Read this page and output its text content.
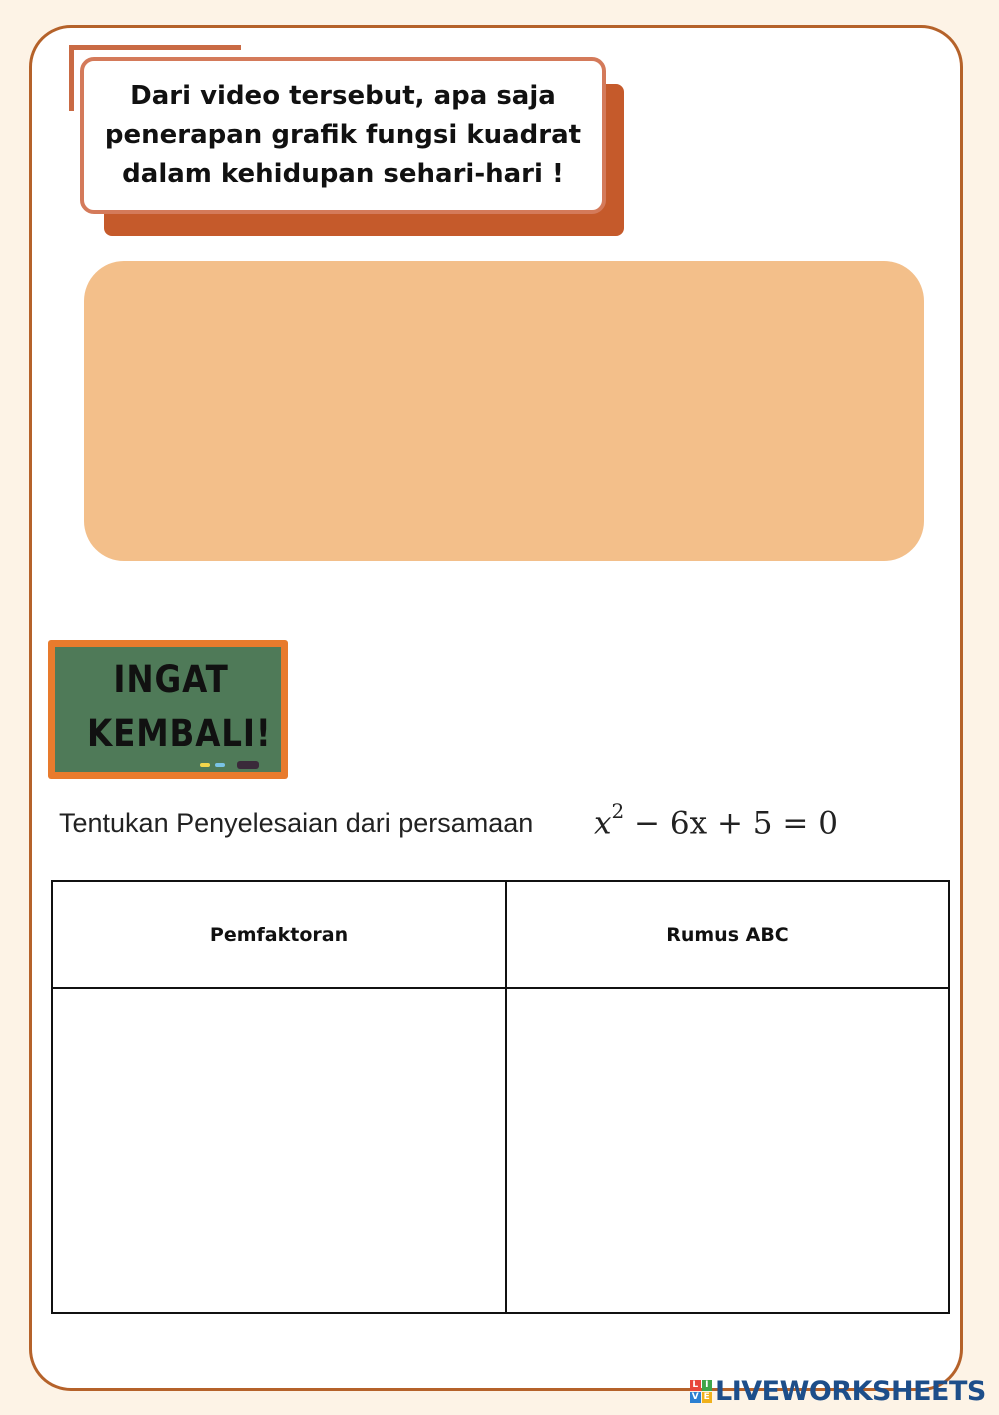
Dari video tersebut, apa saja
penerapan grafik fungsi kuadrat
dalam kehidupan sehari-hari !
INGAT
KEMBALI!
Tentukan Penyelesaian dari persamaan $x^2 - 6x + 5 = 0$
Pemfaktoran	Rumus ABC

L I
V E LIVEWORKSHEETS
